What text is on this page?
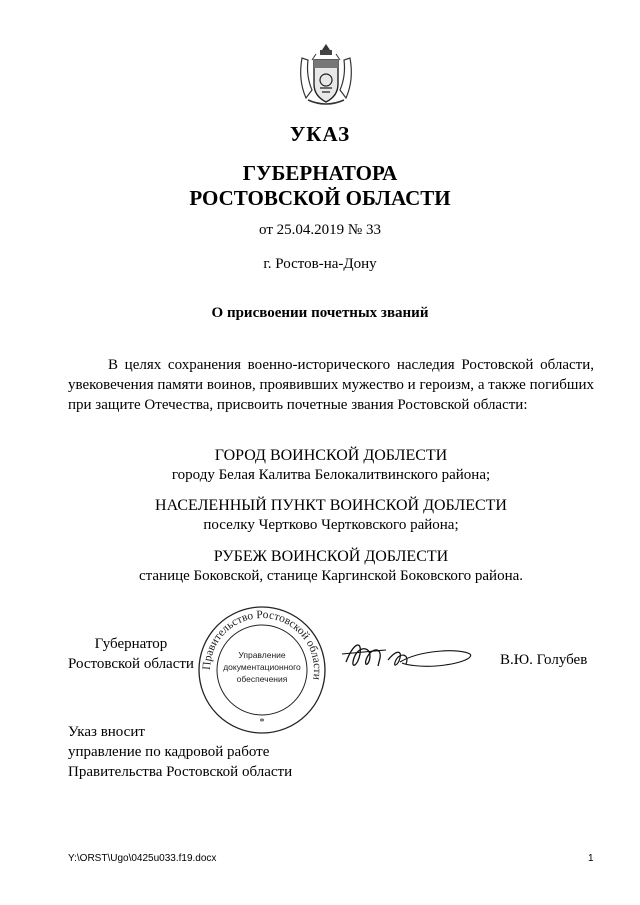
УКАЗ
ГУБЕРНАТОРА
РОСТОВСКОЙ ОБЛАСТИ
от 25.04.2019 № 33
г. Ростов-на-Дону
О присвоении почетных званий
В целях сохранения военно-исторического наследия Ростовской области, увековечения памяти воинов, проявивших мужество и героизм, а также погибших при защите Отечества, присвоить почетные звания Ростовской области:
ГОРОД ВОИНСКОЙ ДОБЛЕСТИ
городу Белая Калитва Белокалитвинского района;
НАСЕЛЕННЫЙ ПУНКТ ВОИНСКОЙ ДОБЛЕСТИ
поселку Чертково Чертковского района;
РУБЕЖ ВОИНСКОЙ ДОБЛЕСТИ
станице Боковской, станице Каргинской Боковского района.
Губернатор
Ростовской области Правительство Ростовской области
Управление
документационного
обеспечения
*
В.Ю. Голубев
Указ вносит
управление по кадровой работе
Правительства Ростовской области
Y:\ORST\Ugo\0425u033.f19.docx	1
